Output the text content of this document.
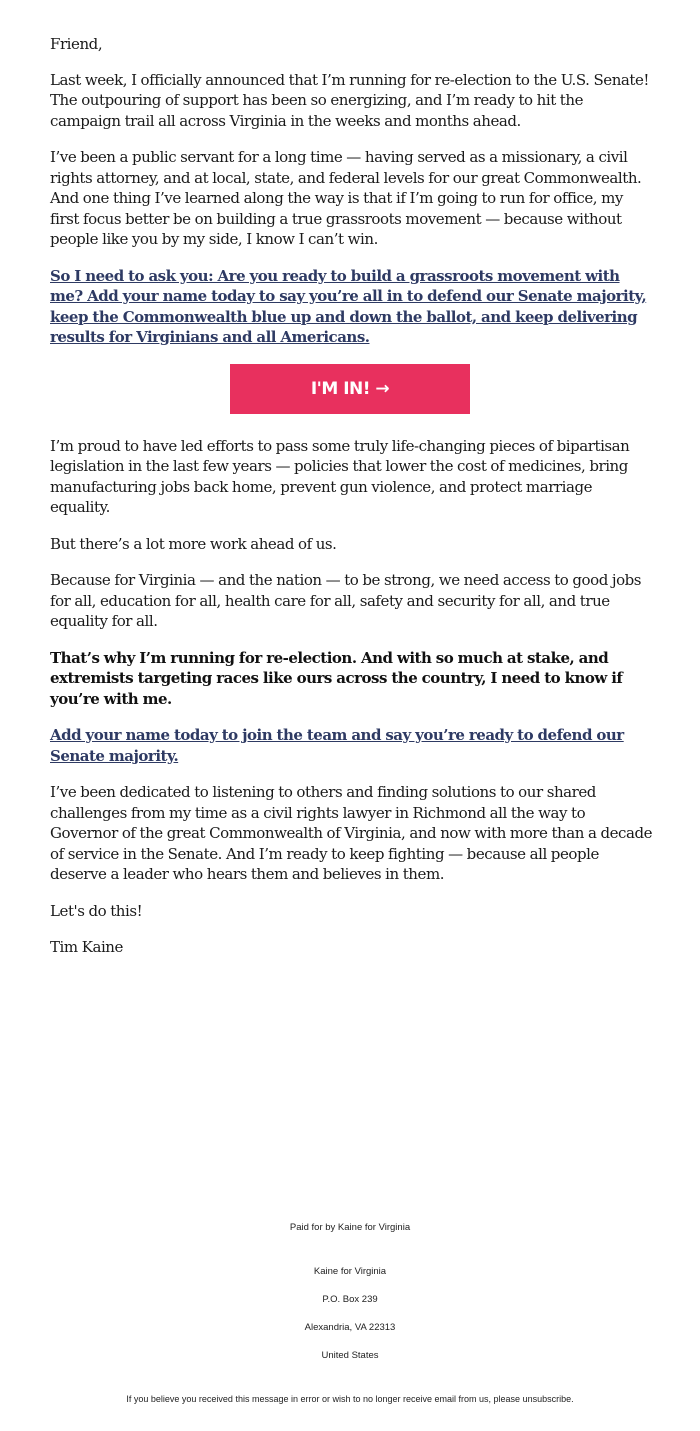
Friend,

Last week, I officially announced that I’m running for re-election to the U.S. Senate! The outpouring of support has been so energizing, and I’m ready to hit the campaign trail all across Virginia in the weeks and months ahead.

I’ve been a public servant for a long time — having served as a missionary, a civil rights attorney, and at local, state, and federal levels for our great Commonwealth. And one thing I’ve learned along the way is that if I’m going to run for office, my first focus better be on building a true grassroots movement — because without people like you by my side, I know I can’t win.

So I need to ask you: Are you ready to build a grassroots movement with me? Add your name today to say you’re all in to defend our Senate majority, keep the Commonwealth blue up and down the ballot, and keep delivering results for Virginians and all Americans.
I'M IN! →

I’m proud to have led efforts to pass some truly life-changing pieces of bipartisan legislation in the last few years — policies that lower the cost of medicines, bring manufacturing jobs back home, prevent gun violence, and protect marriage equality.

But there’s a lot more work ahead of us.

Because for Virginia — and the nation — to be strong, we need access to good jobs for all, education for all, health care for all, safety and security for all, and true equality for all.

That’s why I’m running for re-election. And with so much at stake, and extremists targeting races like ours across the country, I need to know if you’re with me.

Add your name today to join the team and say you’re ready to defend our Senate majority.

I’ve been dedicated to listening to others and finding solutions to our shared challenges from my time as a civil rights lawyer in Richmond all the way to Governor of the great Commonwealth of Virginia, and now with more than a decade of service in the Senate. And I’m ready to keep fighting — because all people deserve a leader who hears them and believes in them.

Let's do this!

Tim Kaine

Paid for by Kaine for Virginia
Kaine for Virginia
P.O. Box 239
Alexandria, VA 22313
United States
If you believe you received this message in error or wish to no longer receive email from us, please unsubscribe.
